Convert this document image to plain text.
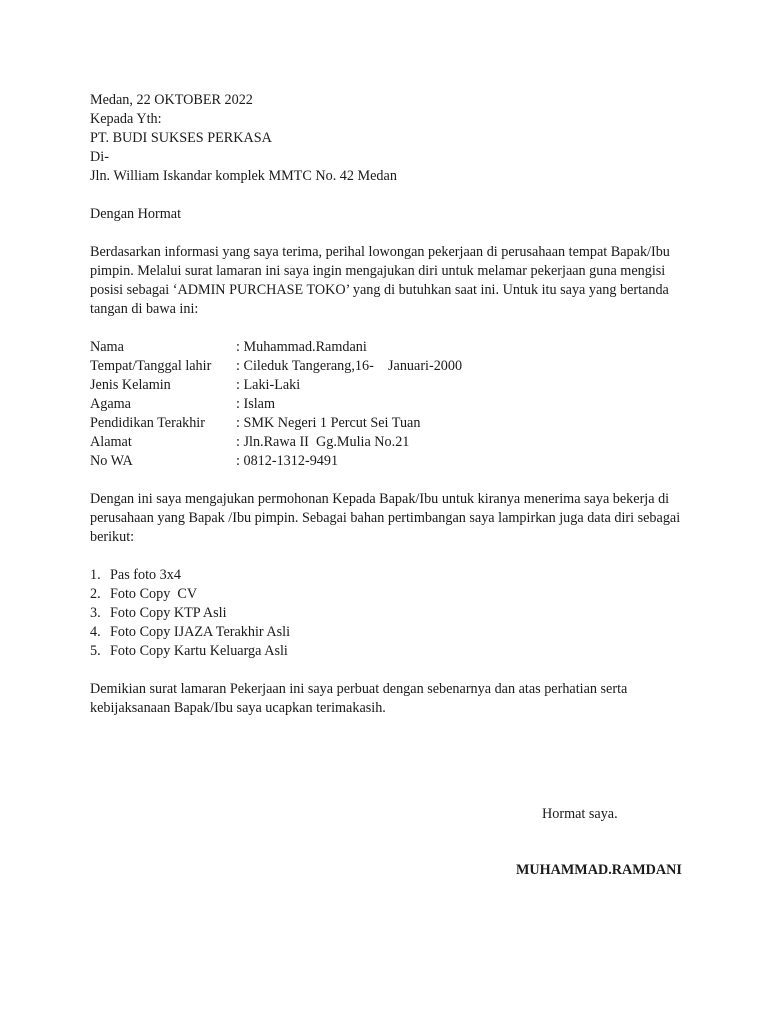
Medan, 22 OKTOBER 2022
Kepada Yth:
PT. BUDI SUKSES PERKASA
Di-
Jln. William Iskandar komplek MMTC No. 42 Medan
Dengan Hormat
Berdasarkan informasi yang saya terima, perihal lowongan pekerjaan di perusahaan tempat Bapak/Ibu
pimpin. Melalui surat lamaran ini saya ingin mengajukan diri untuk melamar pekerjaan guna mengisi
posisi sebagai ‘ADMIN PURCHASE TOKO’ yang di butuhkan saat ini. Untuk itu saya yang bertanda
tangan di bawa ini:
Nama	: Muhammad.Ramdani
Tempat/Tanggal lahir	: Cileduk Tangerang,16-    Januari-2000
Jenis Kelamin	: Laki-Laki
Agama	: Islam
Pendidikan Terakhir	: SMK Negeri 1 Percut Sei Tuan
Alamat	: Jln.Rawa II  Gg.Mulia No.21
No WA	: 0812-1312-9491
Dengan ini saya mengajukan permohonan Kepada Bapak/Ibu untuk kiranya menerima saya bekerja di
perusahaan yang Bapak /Ibu pimpin. Sebagai bahan pertimbangan saya lampirkan juga data diri sebagai
berikut:
1. Pas foto 3x4
2. Foto Copy  CV
3. Foto Copy KTP Asli
4. Foto Copy IJAZA Terakhir Asli
5. Foto Copy Kartu Keluarga Asli
Demikian surat lamaran Pekerjaan ini saya perbuat dengan sebenarnya dan atas perhatian serta
kebijaksanaan Bapak/Ibu saya ucapkan terimakasih.
Hormat saya.
MUHAMMAD.RAMDANI
